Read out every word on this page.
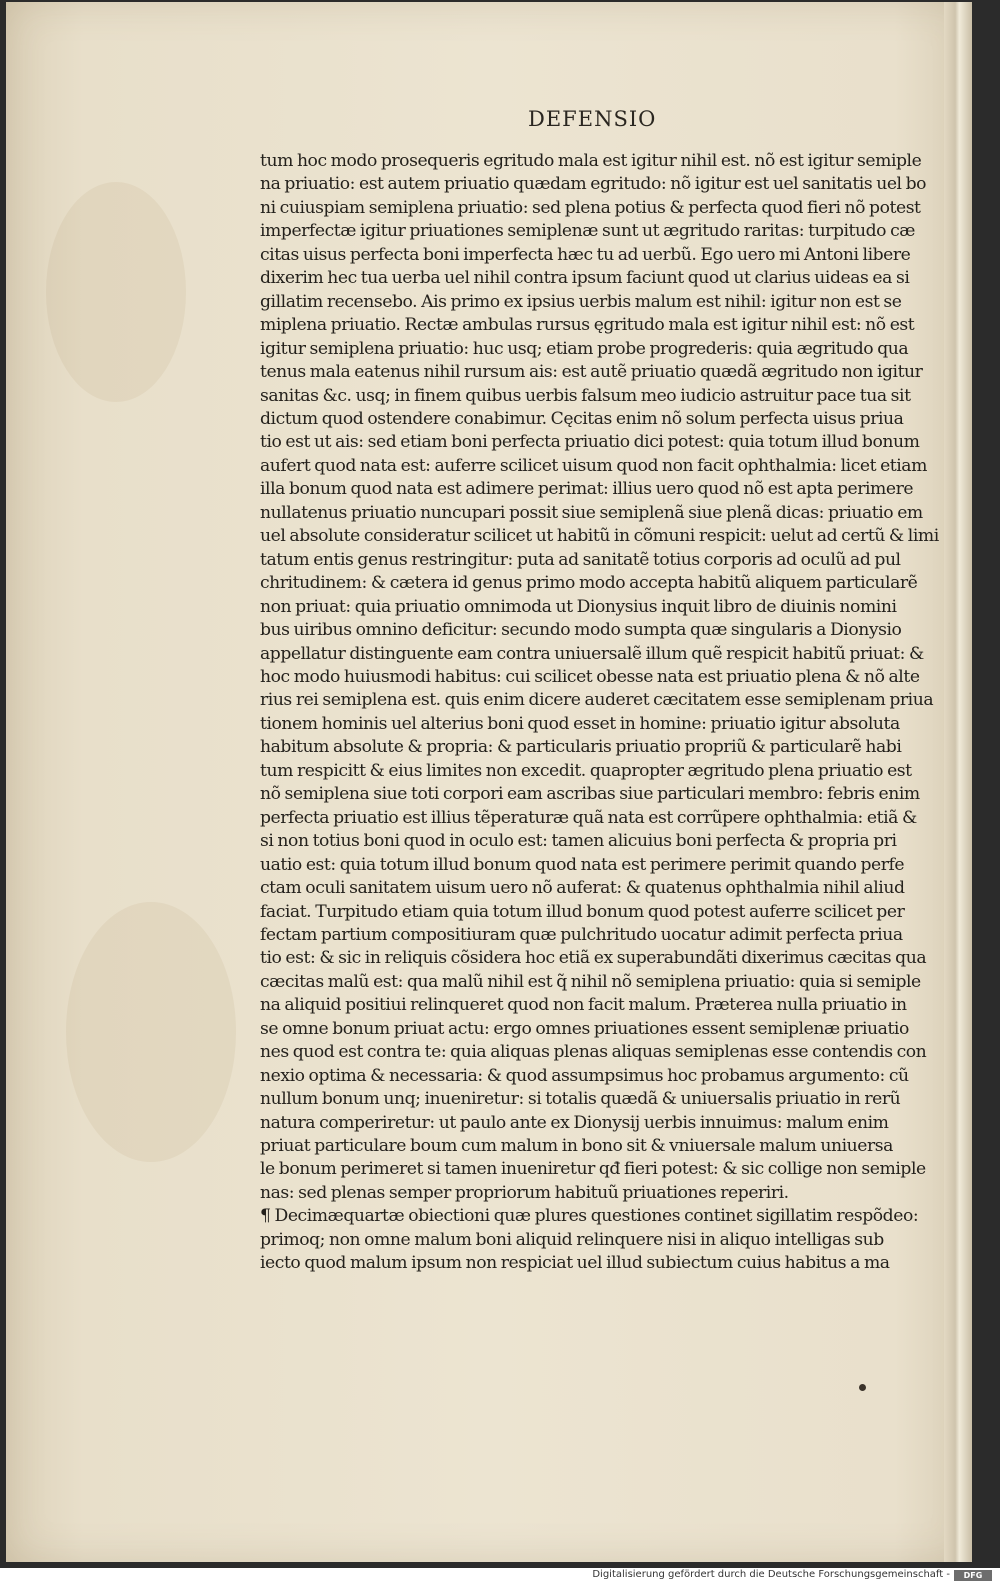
DEFENSIO
tum hoc modo prosequeris egritudo mala est igitur nihil est. nõ est igitur semiple
na priuatio: est autem priuatio quædam egritudo: nõ igitur est uel sanitatis uel bo
ni cuiuspiam semiplena priuatio: sed plena potius & perfecta quod fieri nõ potest
imperfectæ igitur priuationes semiplenæ sunt ut ægritudo raritas: turpitudo cæ
citas uisus perfecta boni imperfecta hæc tu ad uerbũ. Ego uero mi Antoni libere
dixerim hec tua uerba uel nihil contra ipsum faciunt quod ut clarius uideas ea si
gillatim recensebo. Ais primo ex ipsius uerbis malum est nihil: igitur non est se
miplena priuatio. Rectæ ambulas rursus ęgritudo mala est igitur nihil est: nõ est
igitur semiplena priuatio: huc usq; etiam probe progrederis: quia ægritudo qua
tenus mala eatenus nihil rursum ais: est autẽ priuatio quædã ægritudo non igitur
sanitas &c. usq; in finem quibus uerbis falsum meo iudicio astruitur pace tua sit
dictum quod ostendere conabimur. Cęcitas enim nõ solum perfecta uisus priua
tio est ut ais: sed etiam boni perfecta priuatio dici potest: quia totum illud bonum
aufert quod nata est: auferre scilicet uisum quod non facit ophthalmia: licet etiam
illa bonum quod nata est adimere perimat: illius uero quod nõ est apta perimere
nullatenus priuatio nuncupari possit siue semiplenã siue plenã dicas: priuatio em
uel absolute consideratur scilicet ut habitũ in cõmuni respicit: uelut ad certũ & limi
tatum entis genus restringitur: puta ad sanitatẽ totius corporis ad oculũ ad pul
chritudinem: & cætera id genus primo modo accepta habitũ aliquem particularẽ
non priuat: quia priuatio omnimoda ut Dionysius inquit libro de diuinis nomini
bus uiribus omnino deficitur: secundo modo sumpta quæ singularis a Dionysio
appellatur distinguente eam contra uniuersalẽ illum quẽ respicit habitũ priuat: &
hoc modo huiusmodi habitus: cui scilicet obesse nata est priuatio plena & nõ alte
rius rei semiplena est. quis enim dicere auderet cæcitatem esse semiplenam priua
tionem hominis uel alterius boni quod esset in homine: priuatio igitur absoluta
habitum absolute & propria: & particularis priuatio propriũ & particularẽ habi
tum respicitt & eius limites non excedit. quapropter ægritudo plena priuatio est
nõ semiplena siue toti corpori eam ascribas siue particulari membro: febris enim
perfecta priuatio est illius tẽperaturæ quã nata est corrũpere ophthalmia: etiã &
si non totius boni quod in oculo est: tamen alicuius boni perfecta & propria pri
uatio est: quia totum illud bonum quod nata est perimere perimit quando perfe
ctam oculi sanitatem uisum uero nõ auferat: & quatenus ophthalmia nihil aliud
faciat. Turpitudo etiam quia totum illud bonum quod potest auferre scilicet per
fectam partium compositiuram quæ pulchritudo uocatur adimit perfecta priua
tio est: & sic in reliquis cõsidera hoc etiã ex superabundãti dixerimus cæcitas qua
cæcitas malũ est: qua malũ nihil est q̃ nihil nõ semiplena priuatio: quia si semiple
na aliquid positiui relinqueret quod non facit malum. Præterea nulla priuatio in
se omne bonum priuat actu: ergo omnes priuationes essent semiplenæ priuatio
nes quod est contra te: quia aliquas plenas aliquas semiplenas esse contendis con
nexio optima & necessaria: & quod assumpsimus hoc probamus argumento: cũ
nullum bonum unq; inueniretur: si totalis quædã & uniuersalis priuatio in rerũ
natura comperiretur: ut paulo ante ex Dionysij uerbis innuimus: malum enim
priuat particulare boum cum malum in bono sit & vniuersale malum uniuersa
le bonum perimeret si tamen inueniretur qđ fieri potest: & sic collige non semiple
nas: sed plenas semper propriorum habituũ priuationes reperiri.
¶ Decimæquartæ obiectioni quæ plures questiones continet sigillatim respõdeo:
primoq; non omne malum boni aliquid relinquere nisi in aliquo intelligas sub
iecto quod malum ipsum non respiciat uel illud subiectum cuius habitus a ma
Digitalisierung gefördert durch die Deutsche Forschungsgemeinschaft -	DFG
